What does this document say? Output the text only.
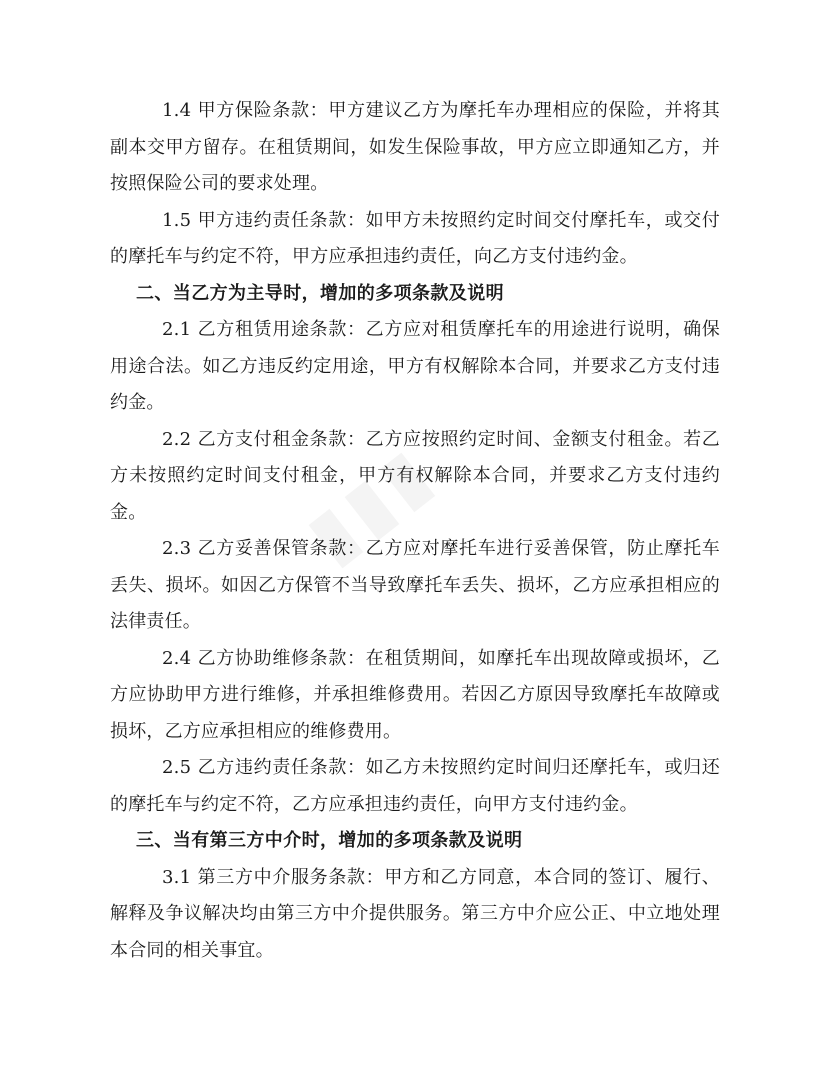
1.4 甲方保险条款：甲方建议乙方为摩托车办理相应的保险，并将其副本交甲方留存。在租赁期间，如发生保险事故，甲方应立即通知乙方，并按照保险公司的要求处理。

1.5 甲方违约责任条款：如甲方未按照约定时间交付摩托车，或交付的摩托车与约定不符，甲方应承担违约责任，向乙方支付违约金。

二、当乙方为主导时，增加的多项条款及说明

2.1 乙方租赁用途条款：乙方应对租赁摩托车的用途进行说明，确保用途合法。如乙方违反约定用途，甲方有权解除本合同，并要求乙方支付违约金。

2.2 乙方支付租金条款：乙方应按照约定时间、金额支付租金。若乙方未按照约定时间支付租金，甲方有权解除本合同，并要求乙方支付违约金。

2.3 乙方妥善保管条款：乙方应对摩托车进行妥善保管，防止摩托车丢失、损坏。如因乙方保管不当导致摩托车丢失、损坏，乙方应承担相应的法律责任。

2.4 乙方协助维修条款：在租赁期间，如摩托车出现故障或损坏，乙方应协助甲方进行维修，并承担维修费用。若因乙方原因导致摩托车故障或损坏，乙方应承担相应的维修费用。

2.5 乙方违约责任条款：如乙方未按照约定时间归还摩托车，或归还的摩托车与约定不符，乙方应承担违约责任，向甲方支付违约金。

三、当有第三方中介时，增加的多项条款及说明

3.1 第三方中介服务条款：甲方和乙方同意，本合同的签订、履行、解释及争议解决均由第三方中介提供服务。第三方中介应公正、中立地处理本合同的相关事宜。
